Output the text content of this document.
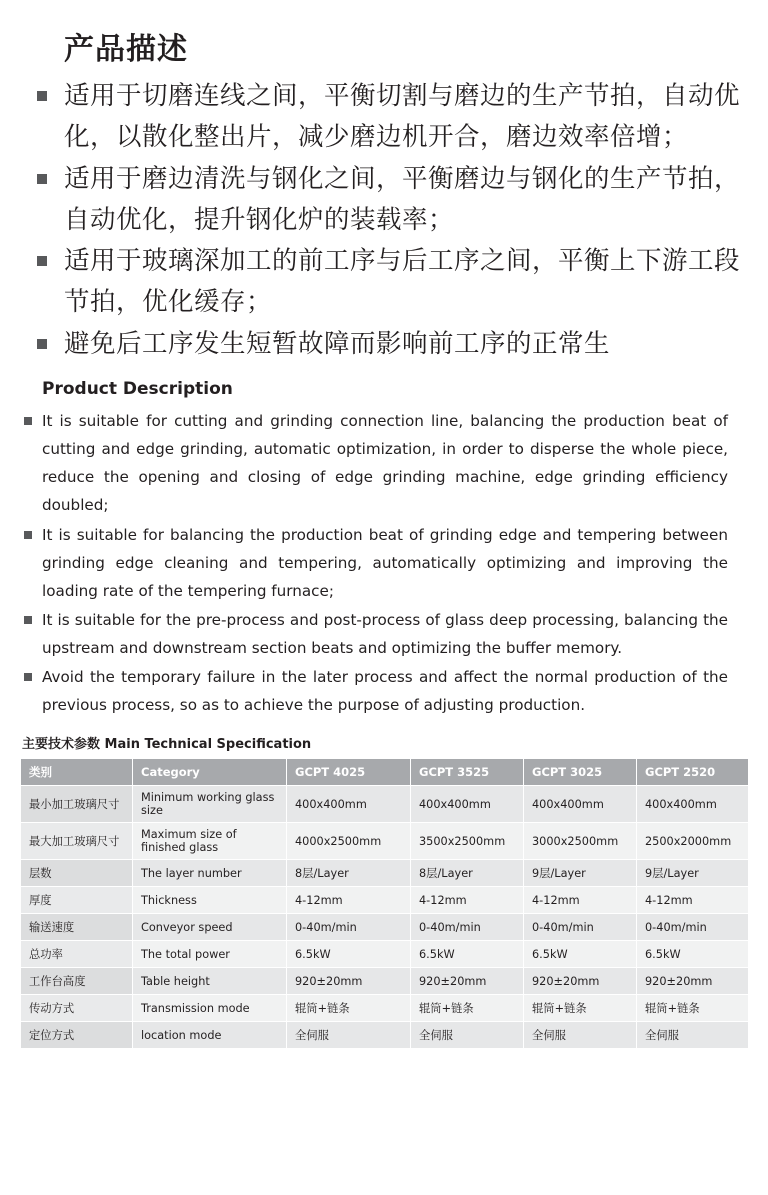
产品描述
适用于切磨连线之间，平衡切割与磨边的生产节拍，自动优化，以散化整出片，减少磨边机开合，磨边效率倍增；
适用于磨边清洗与钢化之间，平衡磨边与钢化的生产节拍，自动优化，提升钢化炉的装载率；
适用于玻璃深加工的前工序与后工序之间，平衡上下游工段节拍，优化缓存；
避免后工序发生短暂故障而影响前工序的正常生
Product Description
It is suitable for cutting and grinding connection line, balancing the production beat of cutting and edge grinding, automatic optimization, in order to disperse the whole piece, reduce the opening and closing of edge grinding machine, edge grinding efficiency doubled;
It is suitable for balancing the production beat of grinding edge and tempering between grinding edge cleaning and tempering, automatically optimizing and improving the loading rate of the tempering furnace;
It is suitable for the pre-process and post-process of glass deep processing, balancing the upstream and downstream section beats and optimizing the buffer memory.
Avoid the temporary failure in the later process and affect the normal production of the previous process, so as to achieve the purpose of adjusting production.
主要技术参数 Main Technical Specification
类别	Category	GCPT 4025	GCPT 3525	GCPT 3025	GCPT 2520
最小加工玻璃尺寸	Minimum working glass size	400x400mm	400x400mm	400x400mm	400x400mm
最大加工玻璃尺寸	Maximum size of finished glass	4000x2500mm	3500x2500mm	3000x2500mm	2500x2000mm
层数	The layer number	8层/Layer	8层/Layer	9层/Layer	9层/Layer
厚度	Thickness	4-12mm	4-12mm	4-12mm	4-12mm
输送速度	Conveyor speed	0-40m/min	0-40m/min	0-40m/min	0-40m/min
总功率	The total power	6.5kW	6.5kW	6.5kW	6.5kW
工作台高度	Table height	920±20mm	920±20mm	920±20mm	920±20mm
传动方式	Transmission mode	辊筒+链条	辊筒+链条	辊筒+链条	辊筒+链条
定位方式	location mode	全伺服	全伺服	全伺服	全伺服
